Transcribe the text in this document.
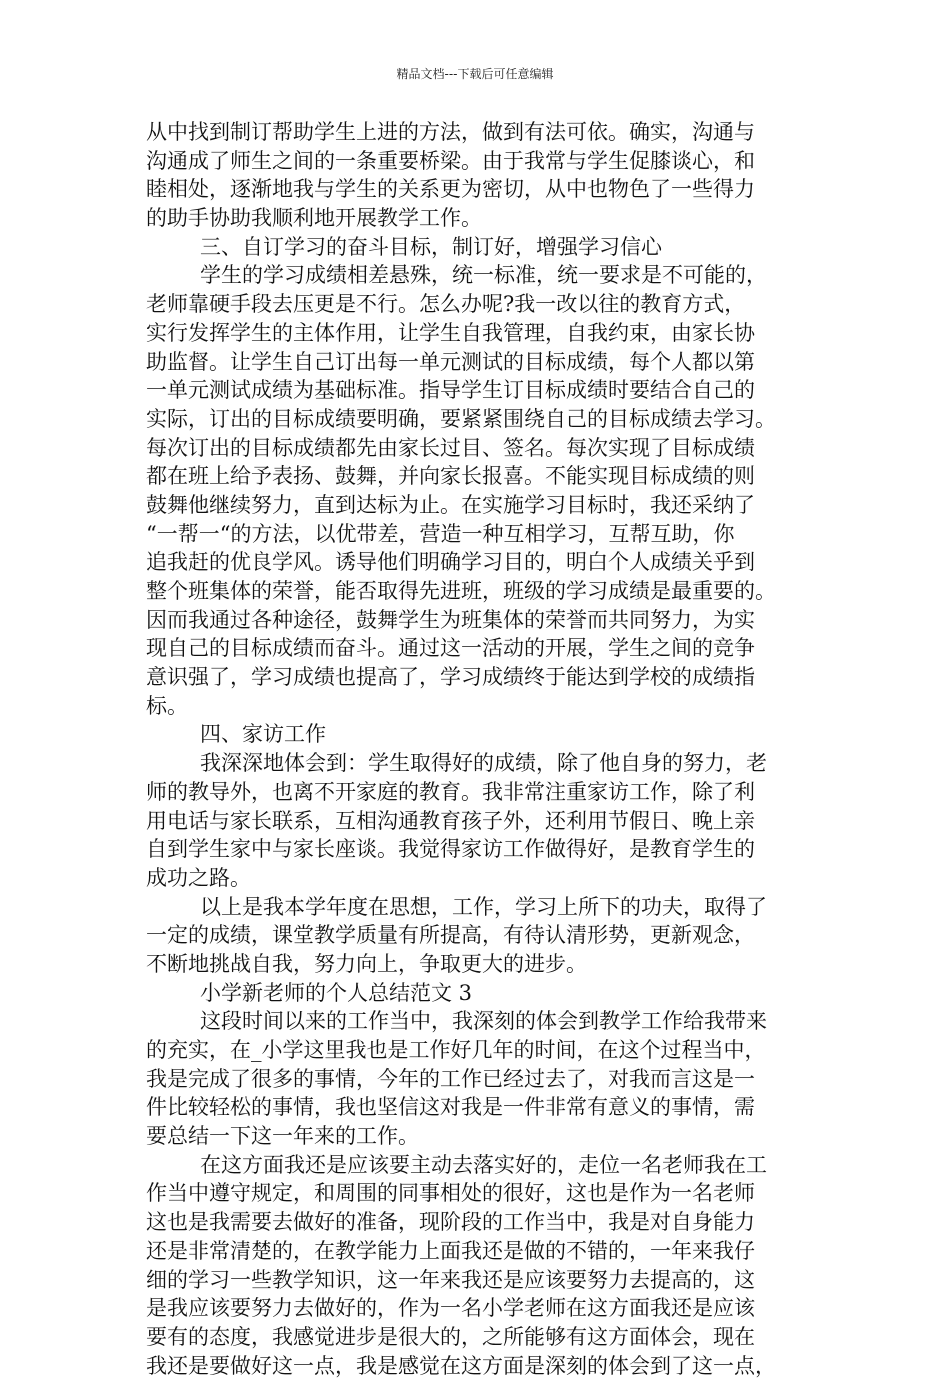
精品文档---下载后可任意编辑
从中找到制订帮助学生上进的方法，做到有法可依。确实，沟通与
沟通成了师生之间的一条重要桥梁。由于我常与学生促膝谈心，和
睦相处，逐渐地我与学生的关系更为密切，从中也物色了一些得力
的助手协助我顺利地开展教学工作。
三、自订学习的奋斗目标，制订好，增强学习信心
学生的学习成绩相差悬殊，统一标准，统一要求是不可能的，
老师靠硬手段去压更是不行。怎么办呢?我一改以往的教育方式，
实行发挥学生的主体作用，让学生自我管理，自我约束，由家长协
助监督。让学生自己订出每一单元测试的目标成绩，每个人都以第
一单元测试成绩为基础标准。指导学生订目标成绩时要结合自己的
实际，订出的目标成绩要明确，要紧紧围绕自己的目标成绩去学习。
每次订出的目标成绩都先由家长过目、签名。每次实现了目标成绩
都在班上给予表扬、鼓舞，并向家长报喜。不能实现目标成绩的则
鼓舞他继续努力，直到达标为止。在实施学习目标时，我还采纳了
“一帮一“的方法，以优带差，营造一种互相学习，互帮互助，你
追我赶的优良学风。诱导他们明确学习目的，明白个人成绩关乎到
整个班集体的荣誉，能否取得先进班，班级的学习成绩是最重要的。
因而我通过各种途径，鼓舞学生为班集体的荣誉而共同努力，为实
现自己的目标成绩而奋斗。通过这一活动的开展，学生之间的竞争
意识强了，学习成绩也提高了，学习成绩终于能达到学校的成绩指
标。
四、家访工作
我深深地体会到：学生取得好的成绩，除了他自身的努力，老
师的教导外，也离不开家庭的教育。我非常注重家访工作，除了利
用电话与家长联系，互相沟通教育孩子外，还利用节假日、晚上亲
自到学生家中与家长座谈。我觉得家访工作做得好，是教育学生的
成功之路。
以上是我本学年度在思想，工作，学习上所下的功夫，取得了
一定的成绩，课堂教学质量有所提高，有待认清形势，更新观念，
不断地挑战自我，努力向上，争取更大的进步。
小学新老师的个人总结范文 3
这段时间以来的工作当中，我深刻的体会到教学工作给我带来
的充实，在_小学这里我也是工作好几年的时间，在这个过程当中，
我是完成了很多的事情，今年的工作已经过去了，对我而言这是一
件比较轻松的事情，我也坚信这对我是一件非常有意义的事情，需
要总结一下这一年来的工作。
在这方面我还是应该要主动去落实好的，走位一名老师我在工
作当中遵守规定，和周围的同事相处的很好，这也是作为一名老师
这也是我需要去做好的准备，现阶段的工作当中，我是对自身能力
还是非常清楚的，在教学能力上面我还是做的不错的，一年来我仔
细的学习一些教学知识，这一年来我还是应该要努力去提高的，这
是我应该要努力去做好的，作为一名小学老师在这方面我还是应该
要有的态度，我感觉进步是很大的，之所能够有这方面体会，现在
我还是要做好这一点，我是感觉在这方面是深刻的体会到了这一点，
